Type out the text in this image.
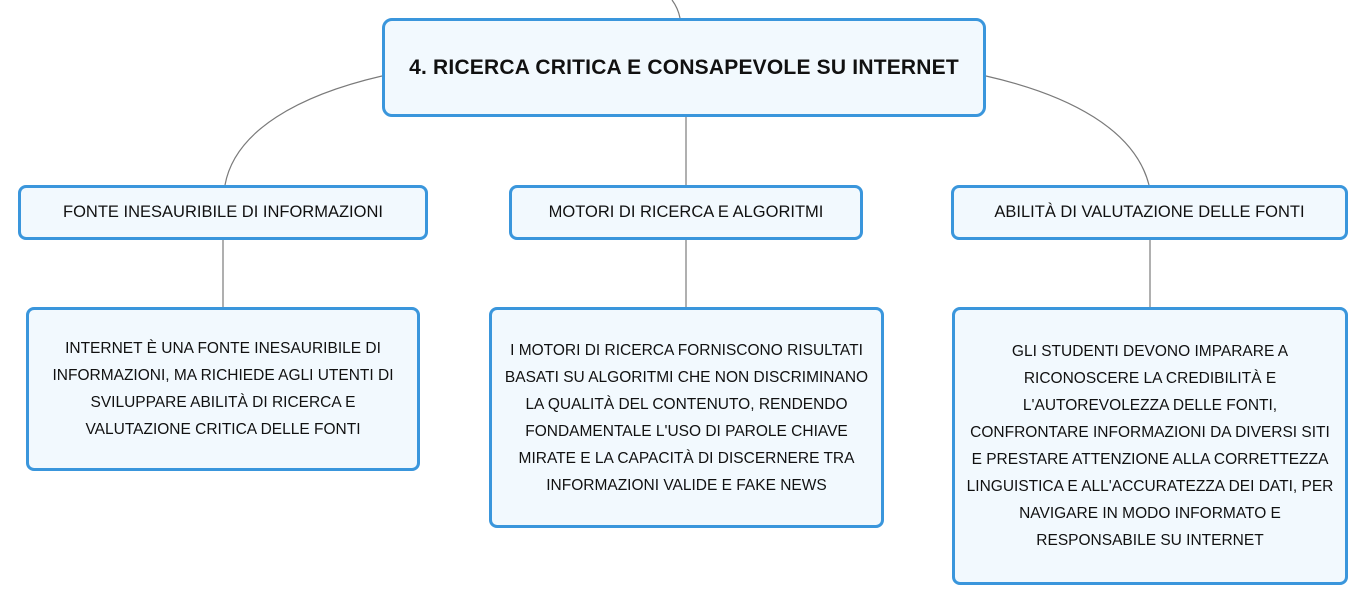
4. RICERCA CRITICA E CONSAPEVOLE SU INTERNET
FONTE INESAURIBILE DI INFORMAZIONI	MOTORI DI RICERCA E ALGORITMI	ABILITÀ DI VALUTAZIONE DELLE FONTI
INTERNET È UNA FONTE INESAURIBILE DI INFORMAZIONI, MA RICHIEDE AGLI UTENTI DI SVILUPPARE ABILITÀ DI RICERCA E VALUTAZIONE CRITICA DELLE FONTI
I MOTORI DI RICERCA FORNISCONO RISULTATI BASATI SU ALGORITMI CHE NON DISCRIMINANO LA QUALITÀ DEL CONTENUTO, RENDENDO FONDAMENTALE L'USO DI PAROLE CHIAVE MIRATE E LA CAPACITÀ DI DISCERNERE TRA INFORMAZIONI VALIDE E FAKE NEWS
GLI STUDENTI DEVONO IMPARARE A RICONOSCERE LA CREDIBILITÀ E L'AUTOREVOLEZZA DELLE FONTI, CONFRONTARE INFORMAZIONI DA DIVERSI SITI E PRESTARE ATTENZIONE ALLA CORRETTEZZA LINGUISTICA E ALL'ACCURATEZZA DEI DATI, PER NAVIGARE IN MODO INFORMATO E RESPONSABILE SU INTERNET
